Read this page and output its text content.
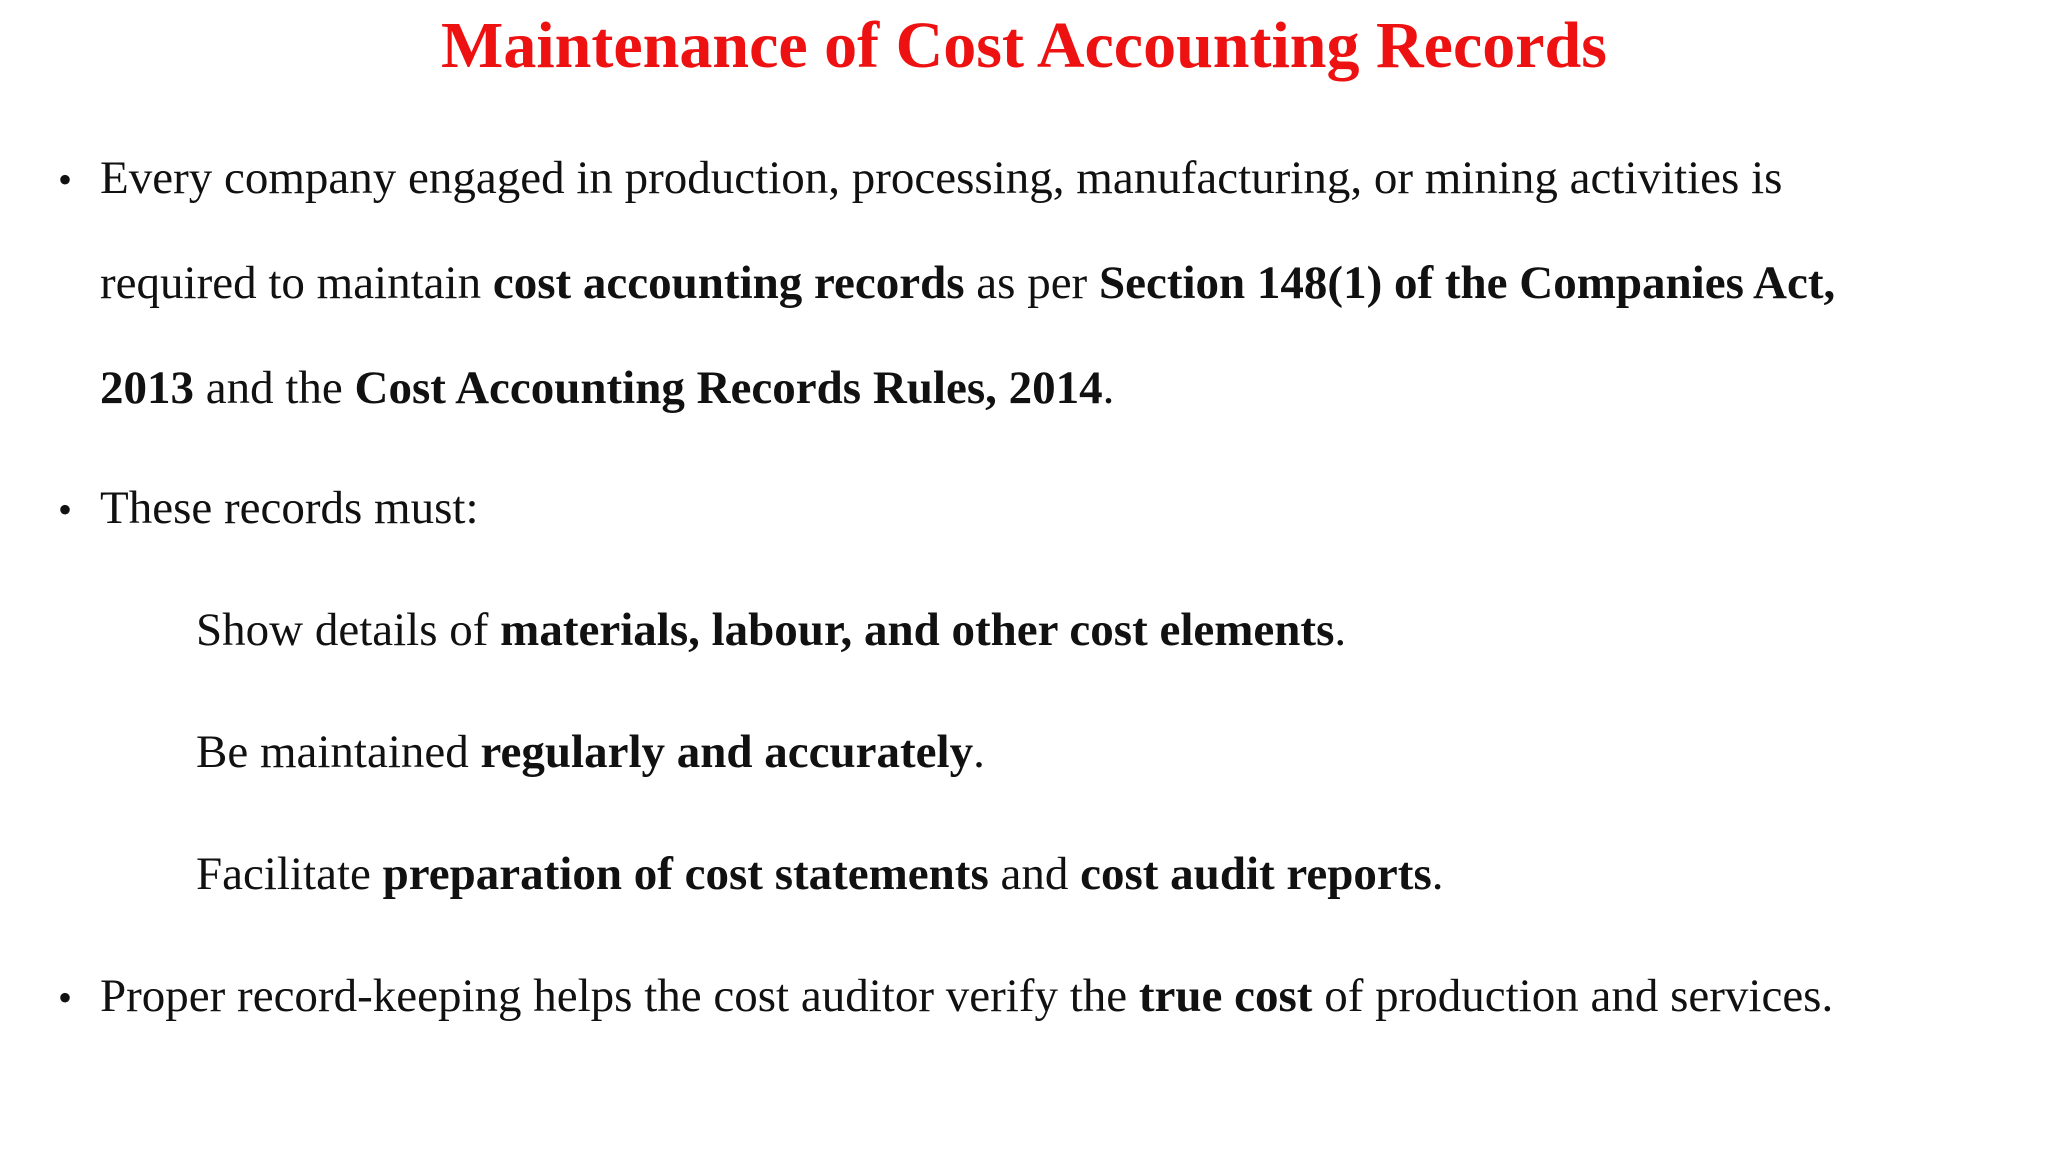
Maintenance of Cost Accounting Records
• Every company engaged in production, processing, manufacturing, or mining activities is
required to maintain cost accounting records as per Section 148(1) of the Companies Act,
2013 and the Cost Accounting Records Rules, 2014.
• These records must:
Show details of materials, labour, and other cost elements.
Be maintained regularly and accurately.
Facilitate preparation of cost statements and cost audit reports.
• Proper record-keeping helps the cost auditor verify the true cost of production and services.
